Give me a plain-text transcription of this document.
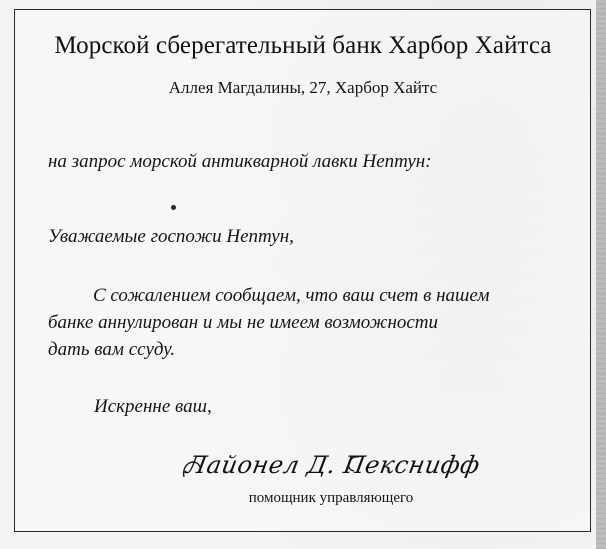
Морской сберегательный банк Харбор Хайтса
Аллея Магдалины, 27, Харбор Хайтс
на запрос морской антикварной лавки Нептун:
Уважаемые госпожи Нептун,
С сожалением сообщаем, что ваш счет в нашем
банке аннулирован и мы не имеем возможности
дать вам ссуду.
Искренне ваш,
Лайонел Д. Пекснифф
помощник управляющего
